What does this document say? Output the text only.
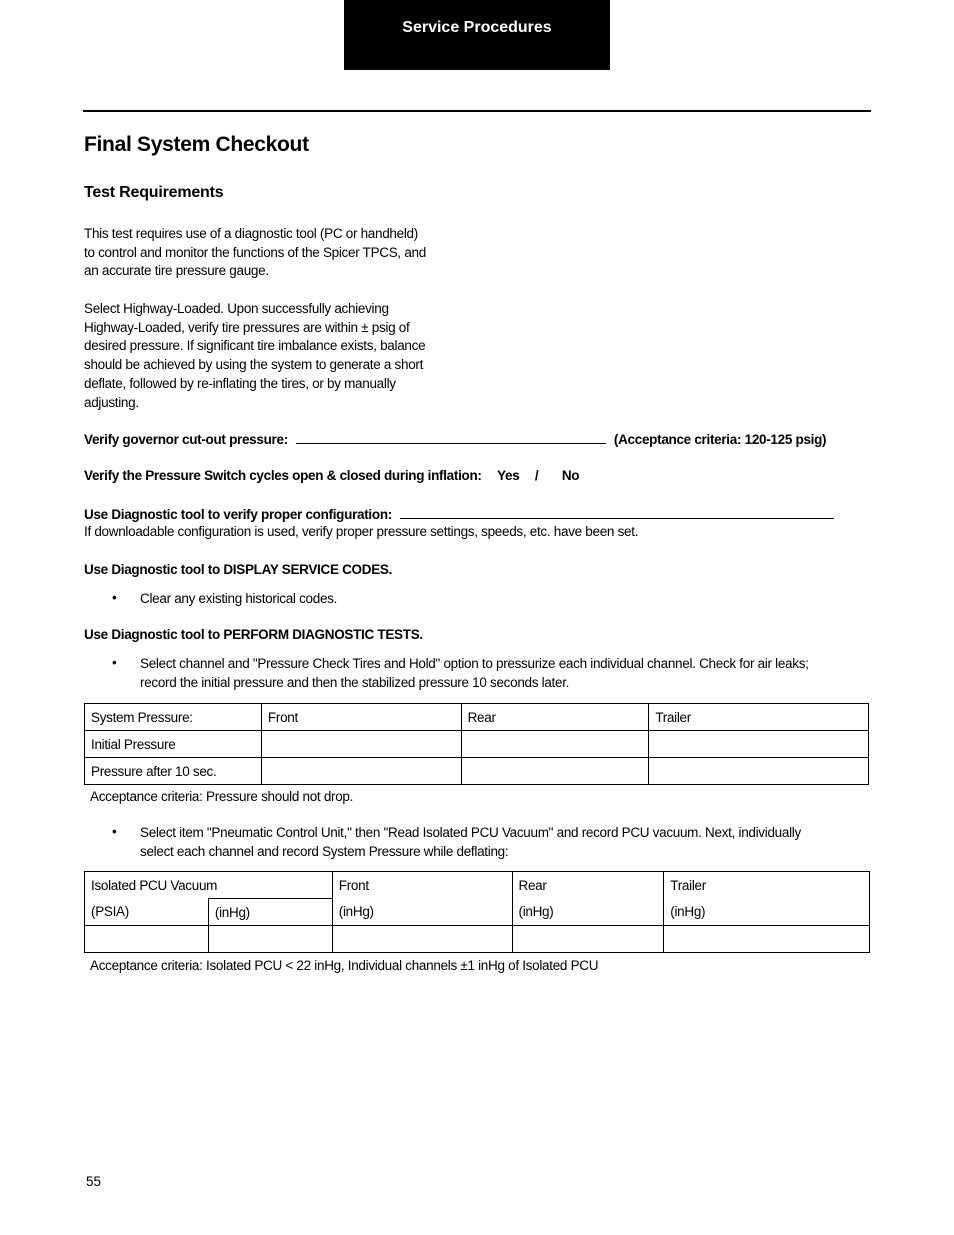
Service Procedures
Final System Checkout
Test Requirements
This test requires use of a diagnostic tool (PC or handheld)
to control and monitor the functions of the Spicer TPCS, and
an accurate tire pressure gauge.
Select Highway-Loaded. Upon successfully achieving
Highway-Loaded, verify tire pressures are within ± psig of
desired pressure. If significant tire imbalance exists, balance
should be achieved by using the system to generate a short
deflate, followed by re-inflating the tires, or by manually
adjusting.
Verify governor cut-out pressure:	(Acceptance criteria: 120-125 psig)
Verify the Pressure Switch cycles open & closed during inflation: Yes / No
Use Diagnostic tool to verify proper configuration:
If downloadable configuration is used, verify proper pressure settings, speeds, etc. have been set.
Use Diagnostic tool to DISPLAY SERVICE CODES.
• Clear any existing historical codes.
Use Diagnostic tool to PERFORM DIAGNOSTIC TESTS.
• Select channel and "Pressure Check Tires and Hold" option to pressurize each individual channel. Check for air leaks;
record the initial pressure and then the stabilized pressure 10 seconds later.
System Pressure:	Front	Rear	Trailer
Initial Pressure			
Pressure after 10 sec.			
Acceptance criteria: Pressure should not drop.
• Select item "Pneumatic Control Unit," then "Read Isolated PCU Vacuum" and record PCU vacuum. Next, individually
select each channel and record System Pressure while deflating:
Isolated PCU Vacuum		Front	Rear	Trailer
(PSIA)	(inHg)	(inHg)	(inHg)	(inHg)

Acceptance criteria: Isolated PCU < 22 inHg, Individual channels ±1 inHg of Isolated PCU
55
